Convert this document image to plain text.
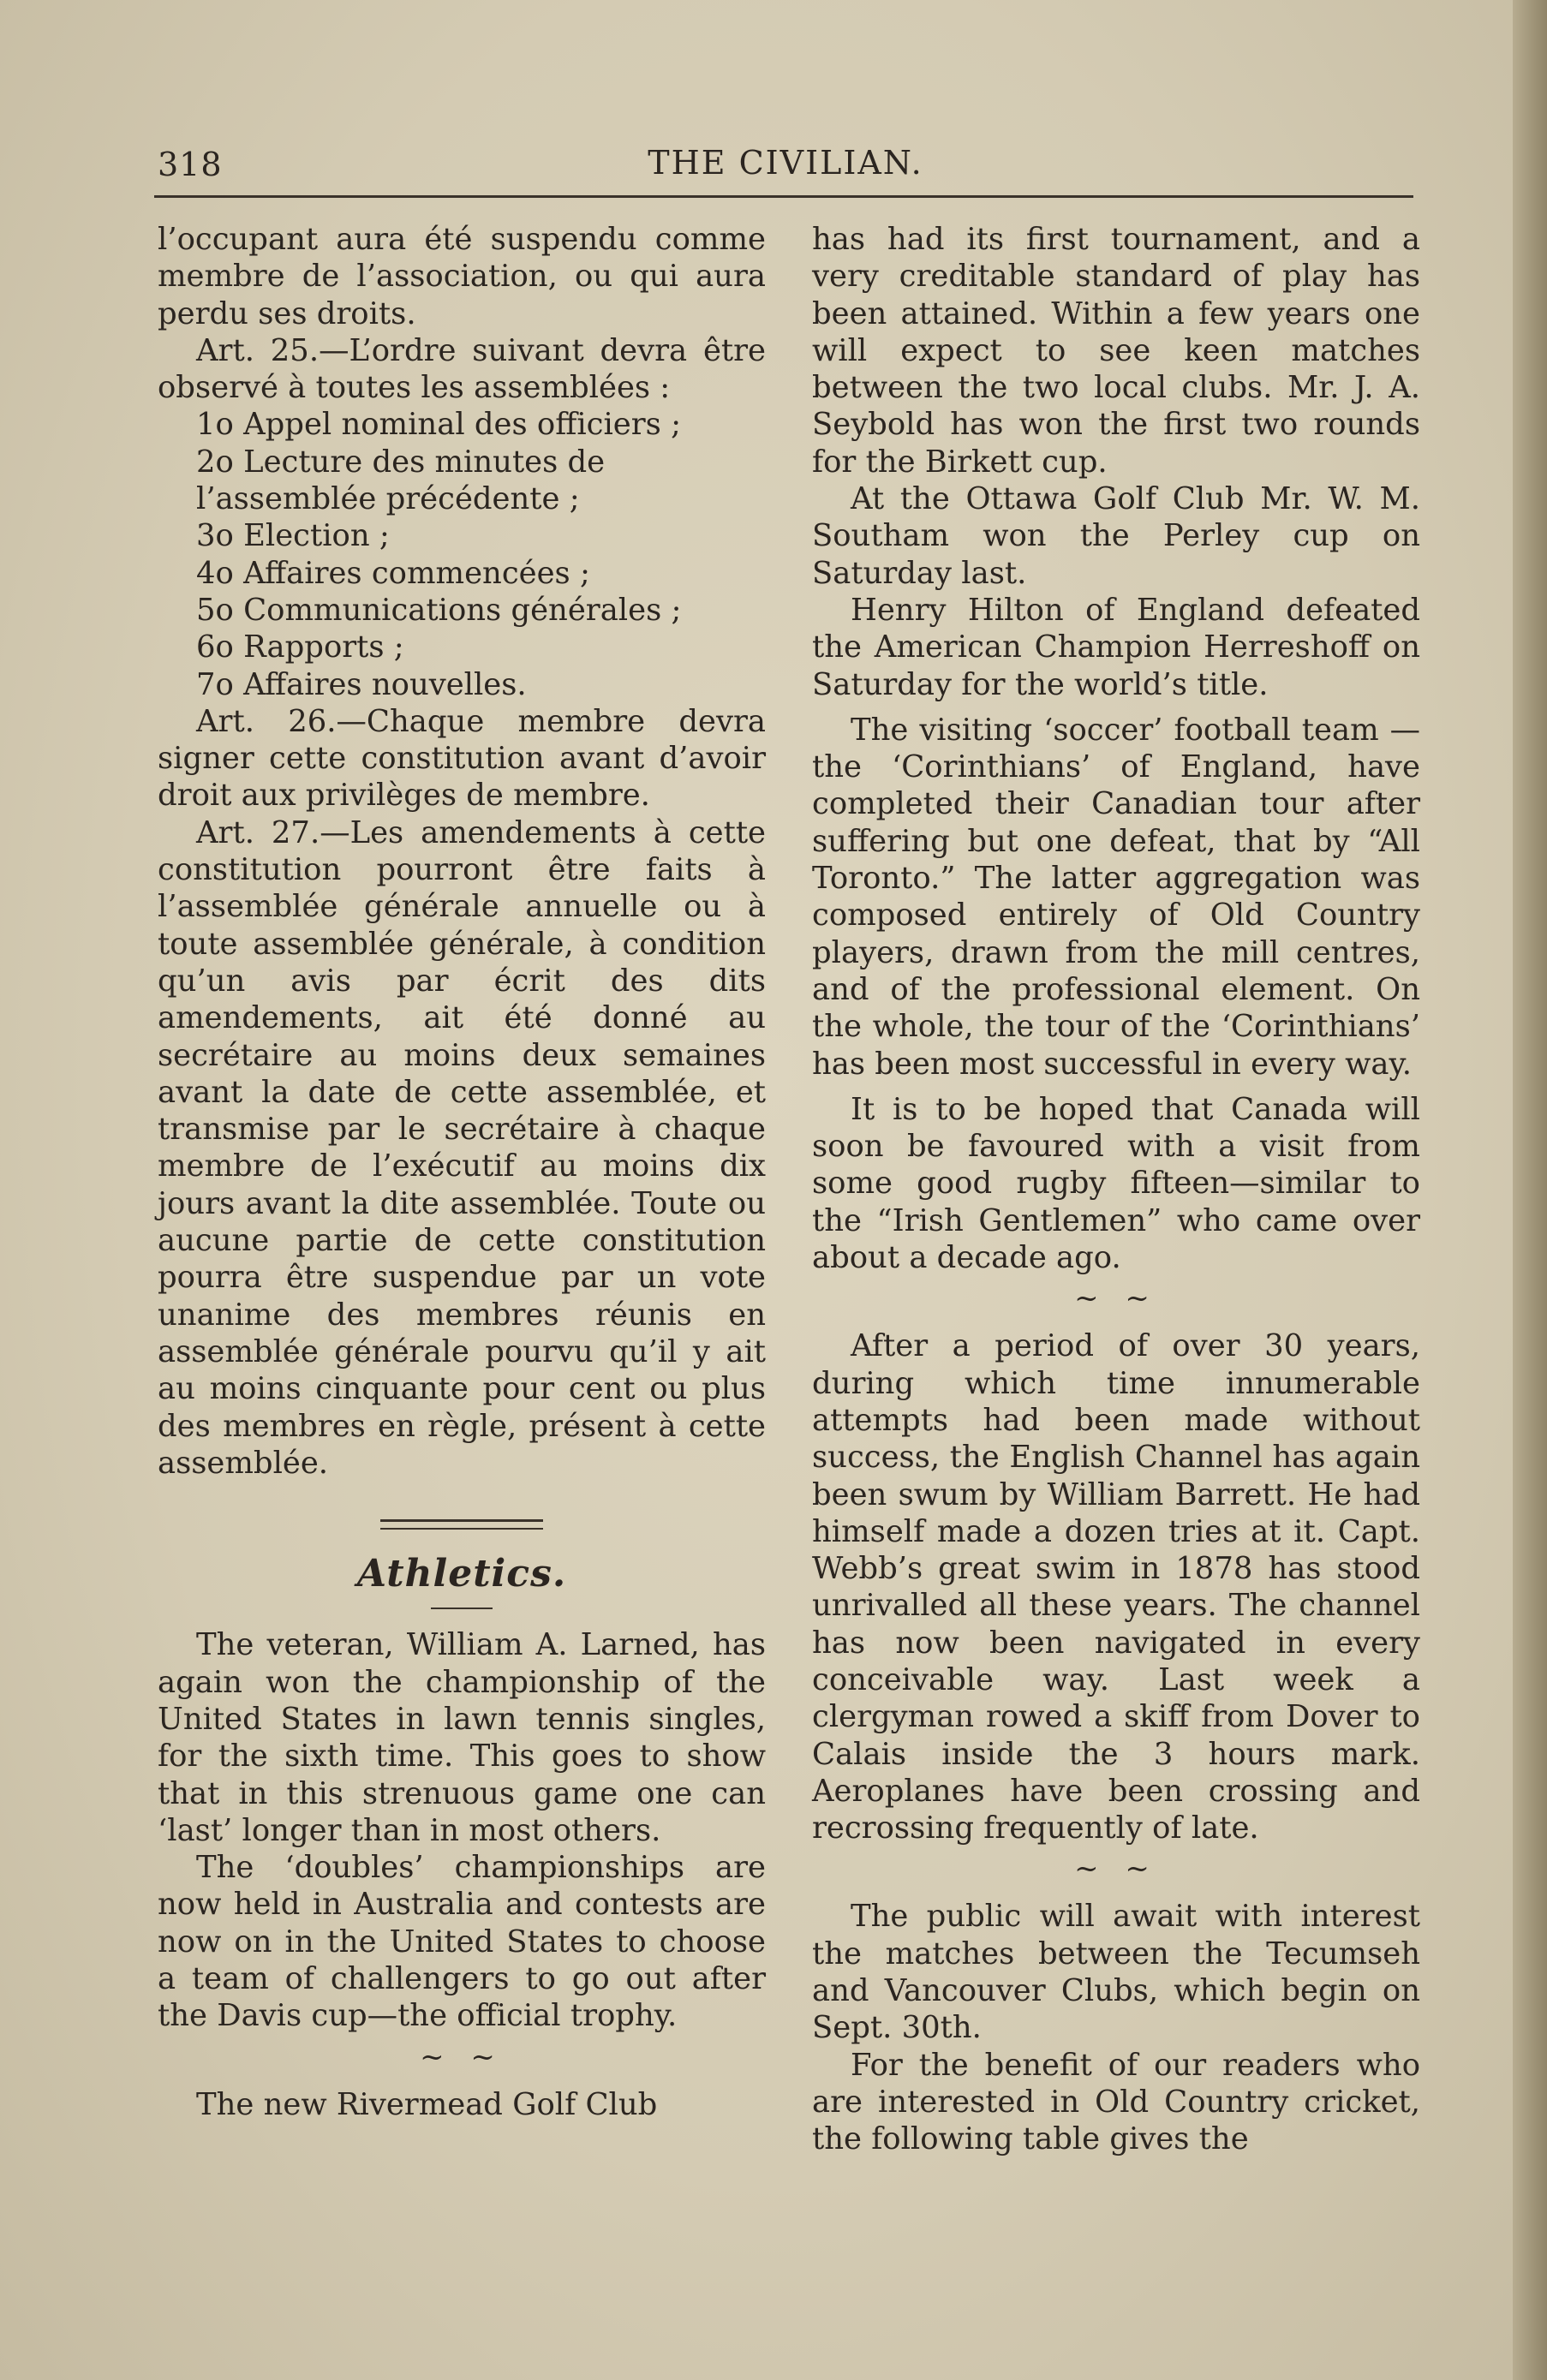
318	THE CIVILIAN.

l’occupant aura été suspendu comme membre de l’association, ou qui aura perdu ses droits.

Art. 25.—L’ordre suivant devra être observé à toutes les assemblées :

1o Appel nominal des officiers ;

2o Lecture des minutes de l’assemblée précédente ;

3o Election ;

4o Affaires commencées ;

5o Communications générales ;

6o Rapports ;

7o Affaires nouvelles.

Art. 26.—Chaque membre devra signer cette constitution avant d’avoir droit aux privilèges de membre.

Art. 27.—Les amendements à cette constitution pourront être faits à l’assemblée générale annuelle ou à toute assemblée générale, à condition qu’un avis par écrit des dits amendements, ait été donné au secrétaire au moins deux semaines avant la date de cette assemblée, et transmise par le secrétaire à chaque membre de l’exécutif au moins dix jours avant la dite assemblée. Toute ou aucune partie de cette constitution pourra être suspendue par un vote unanime des membres réunis en assemblée générale pourvu qu’il y ait au moins cinquante pour cent ou plus des membres en règle, présent à cette assemblée.

Athletics.

The veteran, William A. Larned, has again won the championship of the United States in lawn tennis singles, for the sixth time. This goes to show that in this strenuous game one can ‘last’ longer than in most others.

The ‘doubles’ championships are now held in Australia and contests are now on in the United States to choose a team of challengers to go out after the Davis cup—the official trophy.

~ ~

The new Rivermead Golf Club

has had its first tournament, and a very creditable standard of play has been attained. Within a few years one will expect to see keen matches between the two local clubs. Mr. J. A. Seybold has won the first two rounds for the Birkett cup.

At the Ottawa Golf Club Mr. W. M. Southam won the Perley cup on Saturday last.

Henry Hilton of England defeated the American Champion Herreshoff on Saturday for the world’s title.

The visiting ‘soccer’ football team —the ‘Corinthians’ of England, have completed their Canadian tour after suffering but one defeat, that by “All Toronto.” The latter aggregation was composed entirely of Old Country players, drawn from the mill centres, and of the professional element. On the whole, the tour of the ‘Corinthians’ has been most successful in every way.

It is to be hoped that Canada will soon be favoured with a visit from some good rugby fifteen—similar to the “Irish Gentlemen” who came over about a decade ago.

~ ~

After a period of over 30 years, during which time innumerable attempts had been made without success, the English Channel has again been swum by William Barrett. He had himself made a dozen tries at it. Capt. Webb’s great swim in 1878 has stood unrivalled all these years. The channel has now been navigated in every conceivable way. Last week a clergyman rowed a skiff from Dover to Calais inside the 3 hours mark. Aeroplanes have been crossing and recrossing frequently of late.

~ ~

The public will await with interest the matches between the Tecumseh and Vancouver Clubs, which begin on Sept. 30th.

For the benefit of our readers who are interested in Old Country cricket, the following table gives the
